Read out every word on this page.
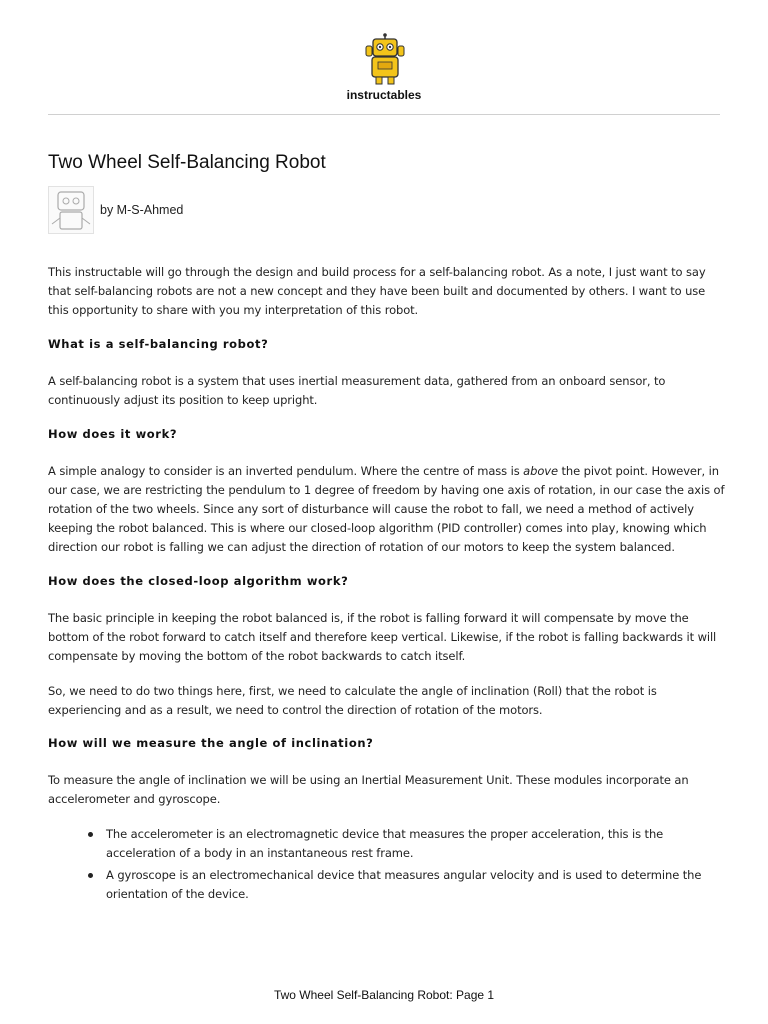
instructables
Two Wheel Self-Balancing Robot
by M-S-Ahmed

This instructable will go through the design and build process for a self-balancing robot. As a note, I just want to say that self-balancing robots are not a new concept and they have been built and documented by others. I want to use this opportunity to share with you my interpretation of this robot.

What is a self-balancing robot?

A self-balancing robot is a system that uses inertial measurement data, gathered from an onboard sensor, to continuously adjust its position to keep upright.

How does it work?

A simple analogy to consider is an inverted pendulum. Where the centre of mass is above the pivot point. However, in our case, we are restricting the pendulum to 1 degree of freedom by having one axis of rotation, in our case the axis of rotation of the two wheels. Since any sort of disturbance will cause the robot to fall, we need a method of actively keeping the robot balanced. This is where our closed-loop algorithm (PID controller) comes into play, knowing which direction our robot is falling we can adjust the direction of rotation of our motors to keep the system balanced.

How does the closed-loop algorithm work?

The basic principle in keeping the robot balanced is, if the robot is falling forward it will compensate by move the bottom of the robot forward to catch itself and therefore keep vertical. Likewise, if the robot is falling backwards it will compensate by moving the bottom of the robot backwards to catch itself.

So, we need to do two things here, first, we need to calculate the angle of inclination (Roll) that the robot is experiencing and as a result, we need to control the direction of rotation of the motors.

How will we measure the angle of inclination?

To measure the angle of inclination we will be using an Inertial Measurement Unit. These modules incorporate an accelerometer and gyroscope.

The accelerometer is an electromagnetic device that measures the proper acceleration, this is the acceleration of a body in an instantaneous rest frame.
A gyroscope is an electromechanical device that measures angular velocity and is used to determine the orientation of the device.
Two Wheel Self-Balancing Robot: Page 1
